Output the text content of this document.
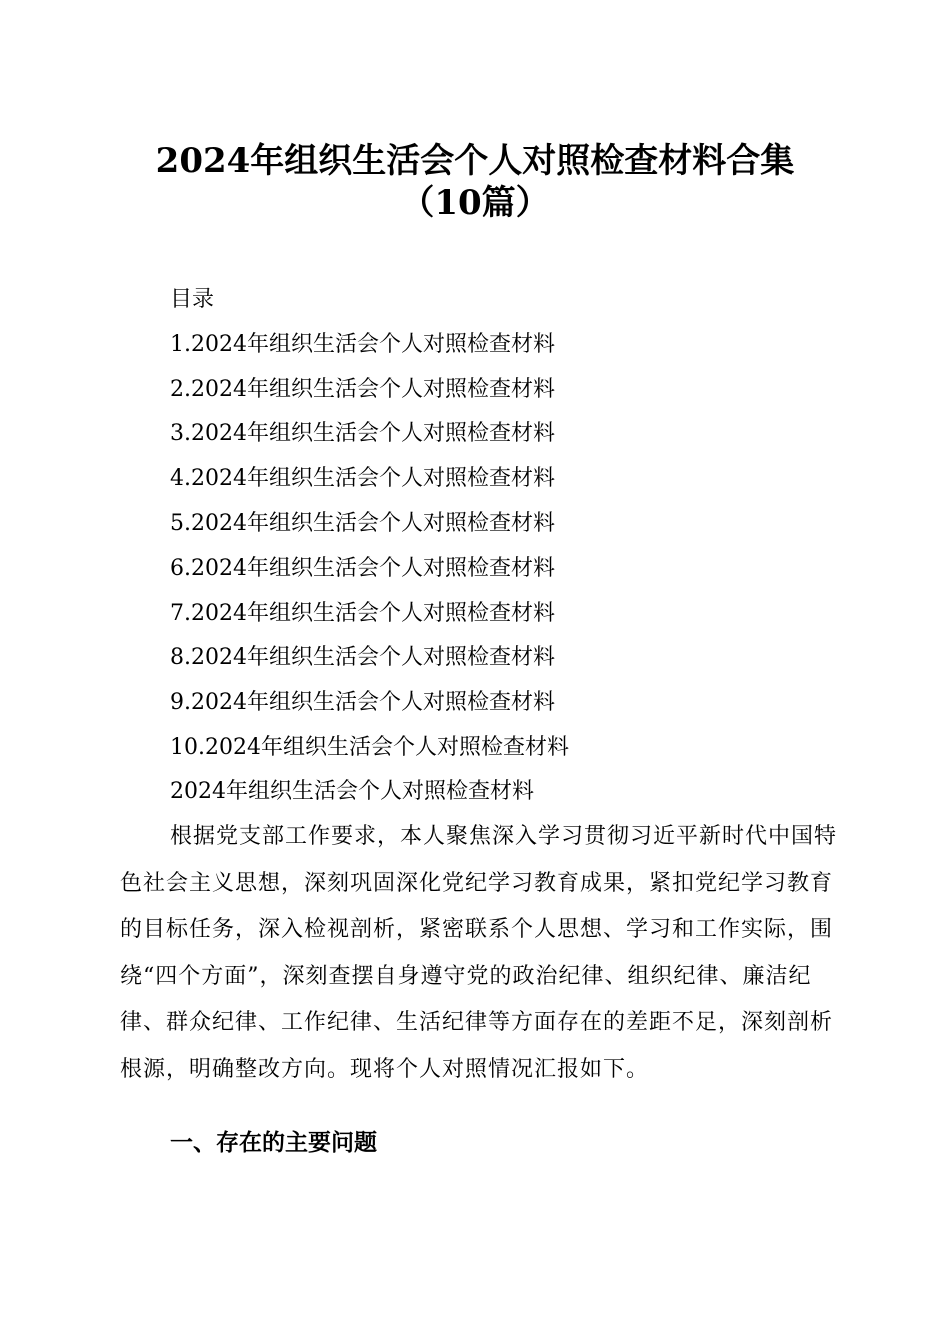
2024年组织生活会个人对照检查材料合集
（10篇）
目录
1.2024年组织生活会个人对照检查材料
2.2024年组织生活会个人对照检查材料
3.2024年组织生活会个人对照检查材料
4.2024年组织生活会个人对照检查材料
5.2024年组织生活会个人对照检查材料
6.2024年组织生活会个人对照检查材料
7.2024年组织生活会个人对照检查材料
8.2024年组织生活会个人对照检查材料
9.2024年组织生活会个人对照检查材料
10.2024年组织生活会个人对照检查材料
2024年组织生活会个人对照检查材料

根据党支部工作要求，本人聚焦深入学习贯彻习近平新时代中国特色社会主义思想，深刻巩固深化党纪学习教育成果，紧扣党纪学习教育的目标任务，深入检视剖析，紧密联系个人思想、学习和工作实际，围绕“四个方面”，深刻查摆自身遵守党的政治纪律、组织纪律、廉洁纪律、群众纪律、工作纪律、生活纪律等方面存在的差距不足，深刻剖析根源，明确整改方向。现将个人对照情况汇报如下。

一、存在的主要问题
